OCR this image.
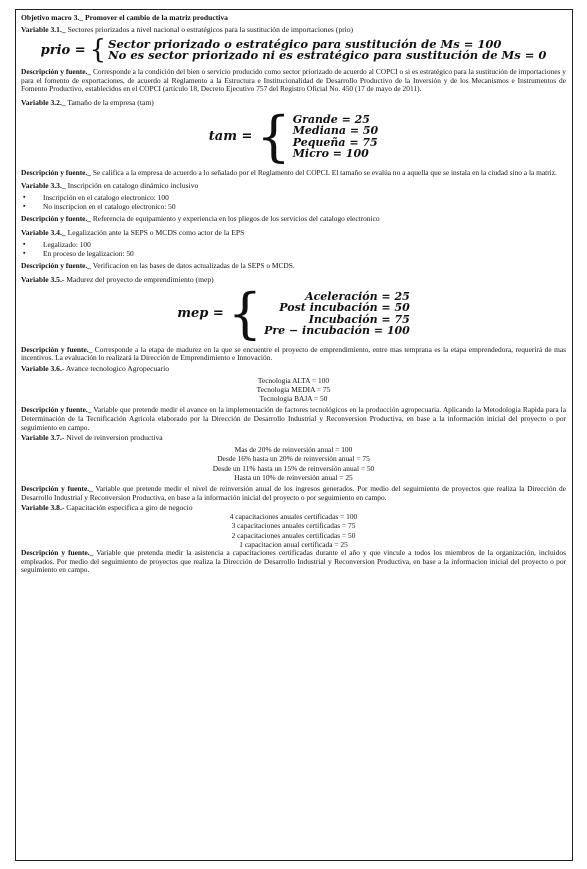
Objetivo macro 3._ Promover el cambio de la matriz productiva

Variable 3.1._ Sectores priorizados a nivel nacional o estratégicos para la sustitución de importaciones (prio)

prio = { Sector priorizado o estratégico para sustitución de Ms = 100
No es sector priorizado ni es estratégico para sustitución de Ms = 0

Descripción y fuente._ Corresponde a la condición del bien o servicio producido como sector priorizado de acuerdo al COPCI o si es estratégico para la sustitución de importaciones y para el fomento de exportaciones, de acuerdo al Reglamento a la Estructura e Institucionalidad de Desarrollo Productivo de la Inversión y de los Mecanismos e Instrumentos de Fomento Productivo, establecidos en el COPCI (artículo 18, Decreto Ejecutivo 757 del Registro Oficial No. 450 (17 de mayo de 2011).

Variable 3.2._ Tamaño de la empresa (tam)

tam = { Grande = 25
Mediana = 50
Pequeña = 75
Micro = 100

Descripción y fuente._ Se califica a la empresa de acuerdo a lo señalado por el Reglamento del COPCI. El tamaño se evalúa no a aquella que se instala en la ciudad sino a la matriz.

Variable 3.3._ Inscripción en catalogo dinámico inclusivo

▪ Inscripción en el catalogo electronico: 100
▪ No inscripcion en el catalogo electronico: 50

Descripción y fuente._ Referencia de equipamiento y experiencia en los pliegos de los servicios del catalogo electronico

Variable 3.4._ Legalización ante la SEPS o MCDS como actor de la EPS

▪ Legalizado: 100
▪ En proceso de legalizacion: 50

Descripción y fuente._ Verificacion en las bases de datos actualizadas de la SEPS o MCDS.

Variable 3.5.- Madurez del proyecto de emprendimiento (mep)

mep = {	Aceleración = 25
Post incubación = 50
Incubación = 75
Pre − incubación = 100

Descripción y fuente._ Corresponde a la etapa de madurez en la que se encuentre el proyecto de emprendimiento, entre mas temprana es la etapa emprendedora, requerirá de mas incentivos. La evaluación lo realizará la Dirección de Emprendimiento e Innovación.

Variable 3.6.- Avance tecnologico Agropecuario

Tecnologia ALTA = 100
Tecnologia MEDIA = 75
Tecnologia BAJA = 50

Descripción y fuente._ Variable que pretende medir el avance en la implementación de factores tecnológicos en la producción agropecuaria. Aplicando la Metodologia Rapida para la Determinación de la Tecnificación Agricola elaborado por la Dirección de Desarrollo Industrial y Reconversion Productiva, en base a la información inicial del proyecto o por seguimiento en campo.

Variable 3.7.- Nivel de reinversion productiva

Mas de 20% de reinversión anual = 100
Desde 16% hasta un 20% de reinversión anual = 75
Desde un 11% hasta un 15% de reinversión anual = 50
Hasta un 10% de reinversión anual = 25

Descripción y fuente._ Variable que pretende medir el nivel de reinversión anual de los ingresos generados. Por medio del seguimiento de proyectos que realiza la Dirección de Desarrollo Industrial y Reconversion Productiva, en base a la información inicial del proyecto o por seguimiento en campo.

Variable 3.8.- Capacitación especifica a giro de negocio

4 capacitaciones anuales certificadas = 100
3 capacitaciones anuales certificadas = 75
2 capacitaciones anuales certificadas = 50
1 capacitacion anual certificada = 25

Descripción y fuente._ Variable que pretenda medir la asistencia a capacitaciones certificadas durante el año y que vincule a todos los miembros de la organización, incluidos empleados. Por medio del seguimiento de proyectos que realiza la Dirección de Desarrollo Industrial y Reconversion Productiva, en base a la informacion inicial del proyecto o por seguimiento en campo.
